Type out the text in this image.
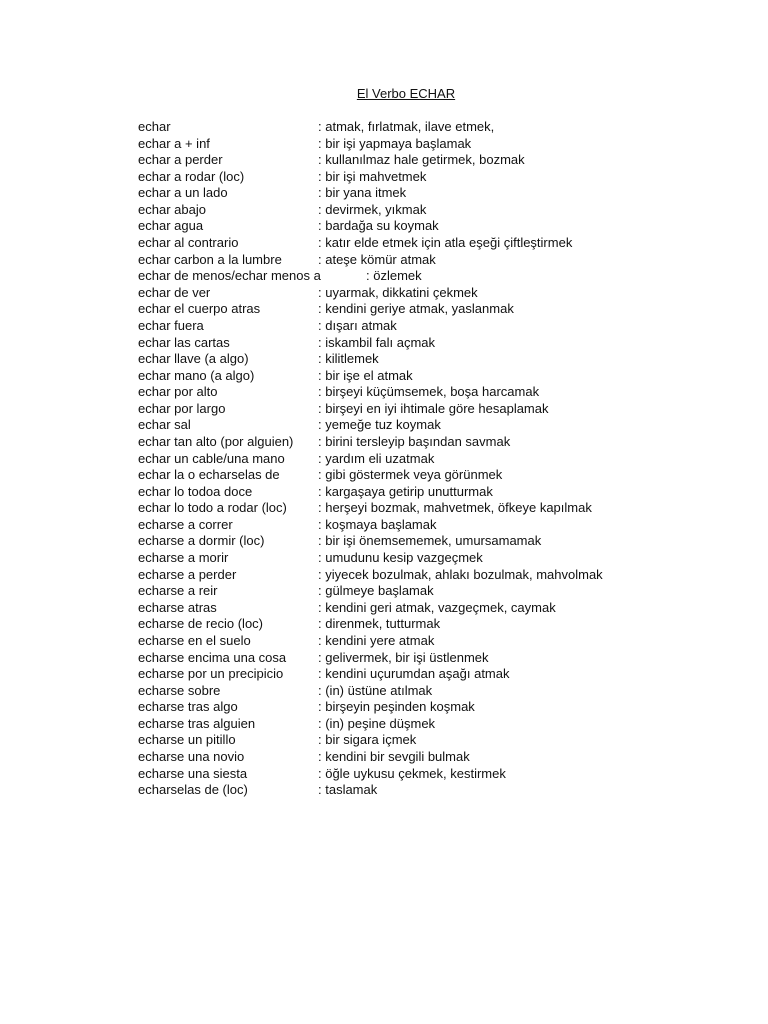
El Verbo ECHAR
echar	: atmak, fırlatmak, ilave etmek,
echar a + inf	: bir işi yapmaya başlamak
echar a perder	: kullanılmaz hale getirmek, bozmak
echar a rodar (loc)	: bir işi mahvetmek
echar a un lado	: bir yana itmek
echar abajo	: devirmek, yıkmak
echar agua	: bardağa su koymak
echar al contrario	: katır elde etmek için atla eşeği çiftleştirmek
echar carbon a la lumbre	: ateşe kömür atmak
echar de menos/echar menos a	: özlemek
echar de ver	: uyarmak, dikkatini çekmek
echar el cuerpo atras	: kendini geriye atmak, yaslanmak
echar fuera	: dışarı atmak
echar las cartas	: iskambil falı açmak
echar llave (a algo)	: kilitlemek
echar mano (a algo)	: bir işe el atmak
echar por alto	: birşeyi küçümsemek, boşa harcamak
echar por largo	: birşeyi en iyi ihtimale göre hesaplamak
echar sal	: yemeğe tuz koymak
echar tan alto (por alguien) : birini tersleyip başından savmak
echar un cable/una mano	: yardım eli uzatmak
echar la o echarselas de	: gibi göstermek veya görünmek
echar lo todoa doce	: kargaşaya getirip unutturmak
echar lo todo a rodar (loc) : herşeyi bozmak, mahvetmek, öfkeye kapılmak
echarse a correr	: koşmaya başlamak
echarse a dormir (loc)	: bir işi önemsememek, umursamamak
echarse a morir	: umudunu kesip vazgeçmek
echarse a perder	: yiyecek bozulmak, ahlakı bozulmak, mahvolmak
echarse a reir	: gülmeye başlamak
echarse atras	: kendini geri atmak, vazgeçmek, caymak
echarse de recio (loc)	: direnmek, tutturmak
echarse en el suelo	: kendini yere atmak
echarse encima una cosa : gelivermek, bir işi üstlenmek
echarse por un precipicio	: kendini uçurumdan aşağı atmak
echarse sobre	: (in) üstüne atılmak
echarse tras algo	: birşeyin peşinden koşmak
echarse tras alguien	: (in) peşine düşmek
echarse un pitillo	: bir sigara içmek
echarse una novio	: kendini bir sevgili bulmak
echarse una siesta	: öğle uykusu çekmek, kestirmek
echarselas de (loc)	: taslamak
